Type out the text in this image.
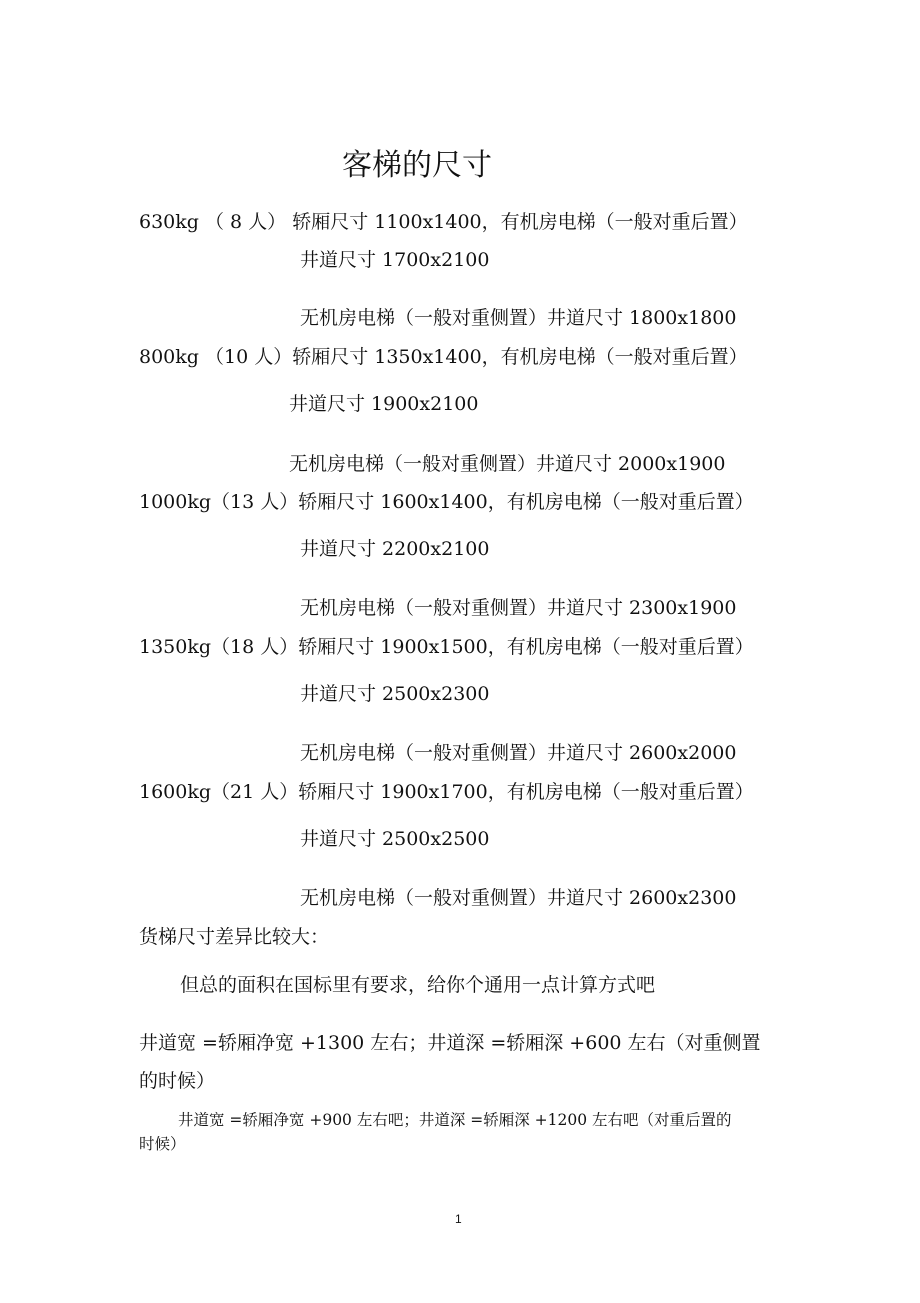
客梯的尺寸
630kg （ 8 人） 轿厢尺寸 1100x1400，有机房电梯（一般对重后置）
井道尺寸 1700x2100
无机房电梯（一般对重侧置）井道尺寸 1800x1800
800kg （10 人）轿厢尺寸 1350x1400，有机房电梯（一般对重后置）
井道尺寸 1900x2100
无机房电梯（一般对重侧置）井道尺寸 2000x1900
1000kg（13 人）轿厢尺寸 1600x1400，有机房电梯（一般对重后置）
井道尺寸 2200x2100
无机房电梯（一般对重侧置）井道尺寸 2300x1900
1350kg（18 人）轿厢尺寸 1900x1500，有机房电梯（一般对重后置）
井道尺寸 2500x2300
无机房电梯（一般对重侧置）井道尺寸 2600x2000
1600kg（21 人）轿厢尺寸 1900x1700，有机房电梯（一般对重后置）
井道尺寸 2500x2500
无机房电梯（一般对重侧置）井道尺寸 2600x2300
货梯尺寸差异比较大：
但总的面积在国标里有要求，给你个通用一点计算方式吧
井道宽 =轿厢净宽 +1300 左右；井道深 =轿厢深 +600 左右（对重侧置
的时候）
井道宽 =轿厢净宽 +900 左右吧；井道深 =轿厢深 +1200 左右吧（对重后置的
时候）
1
